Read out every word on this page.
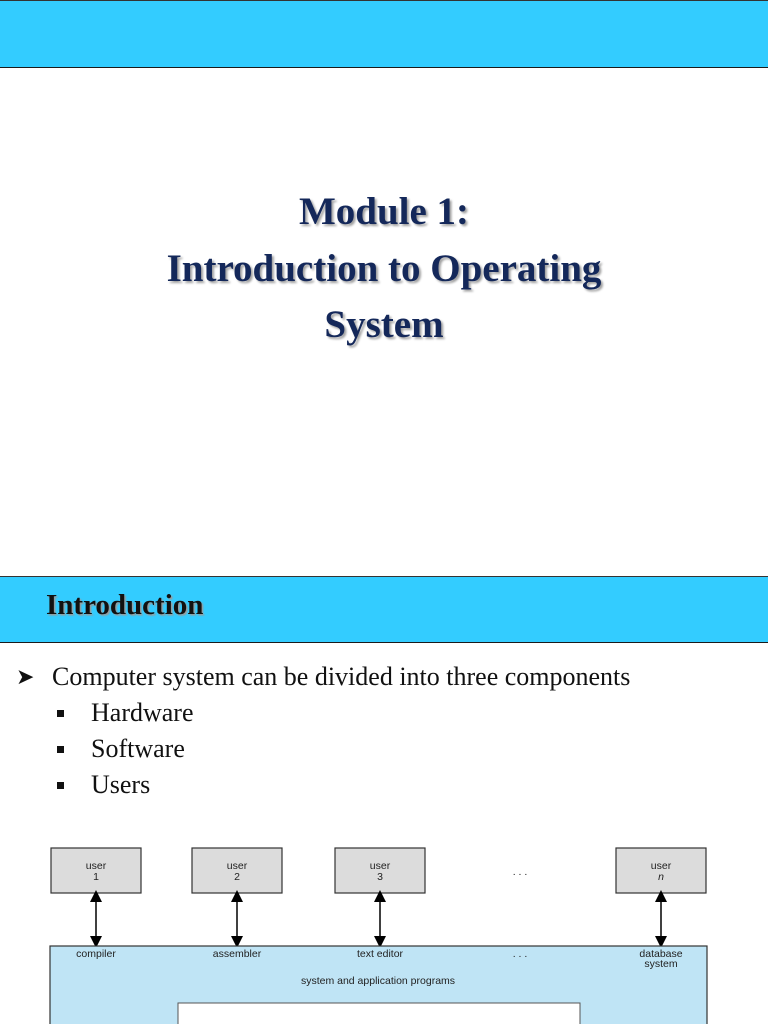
Module 1:
Introduction to Operating
System
Introduction
➤ Computer system can be divided into three components
Hardware
Software
Users
user
1
user
2
user
3	. . .	user
n
compiler	assembler	text editor	. . .	database
system
system and application programs
